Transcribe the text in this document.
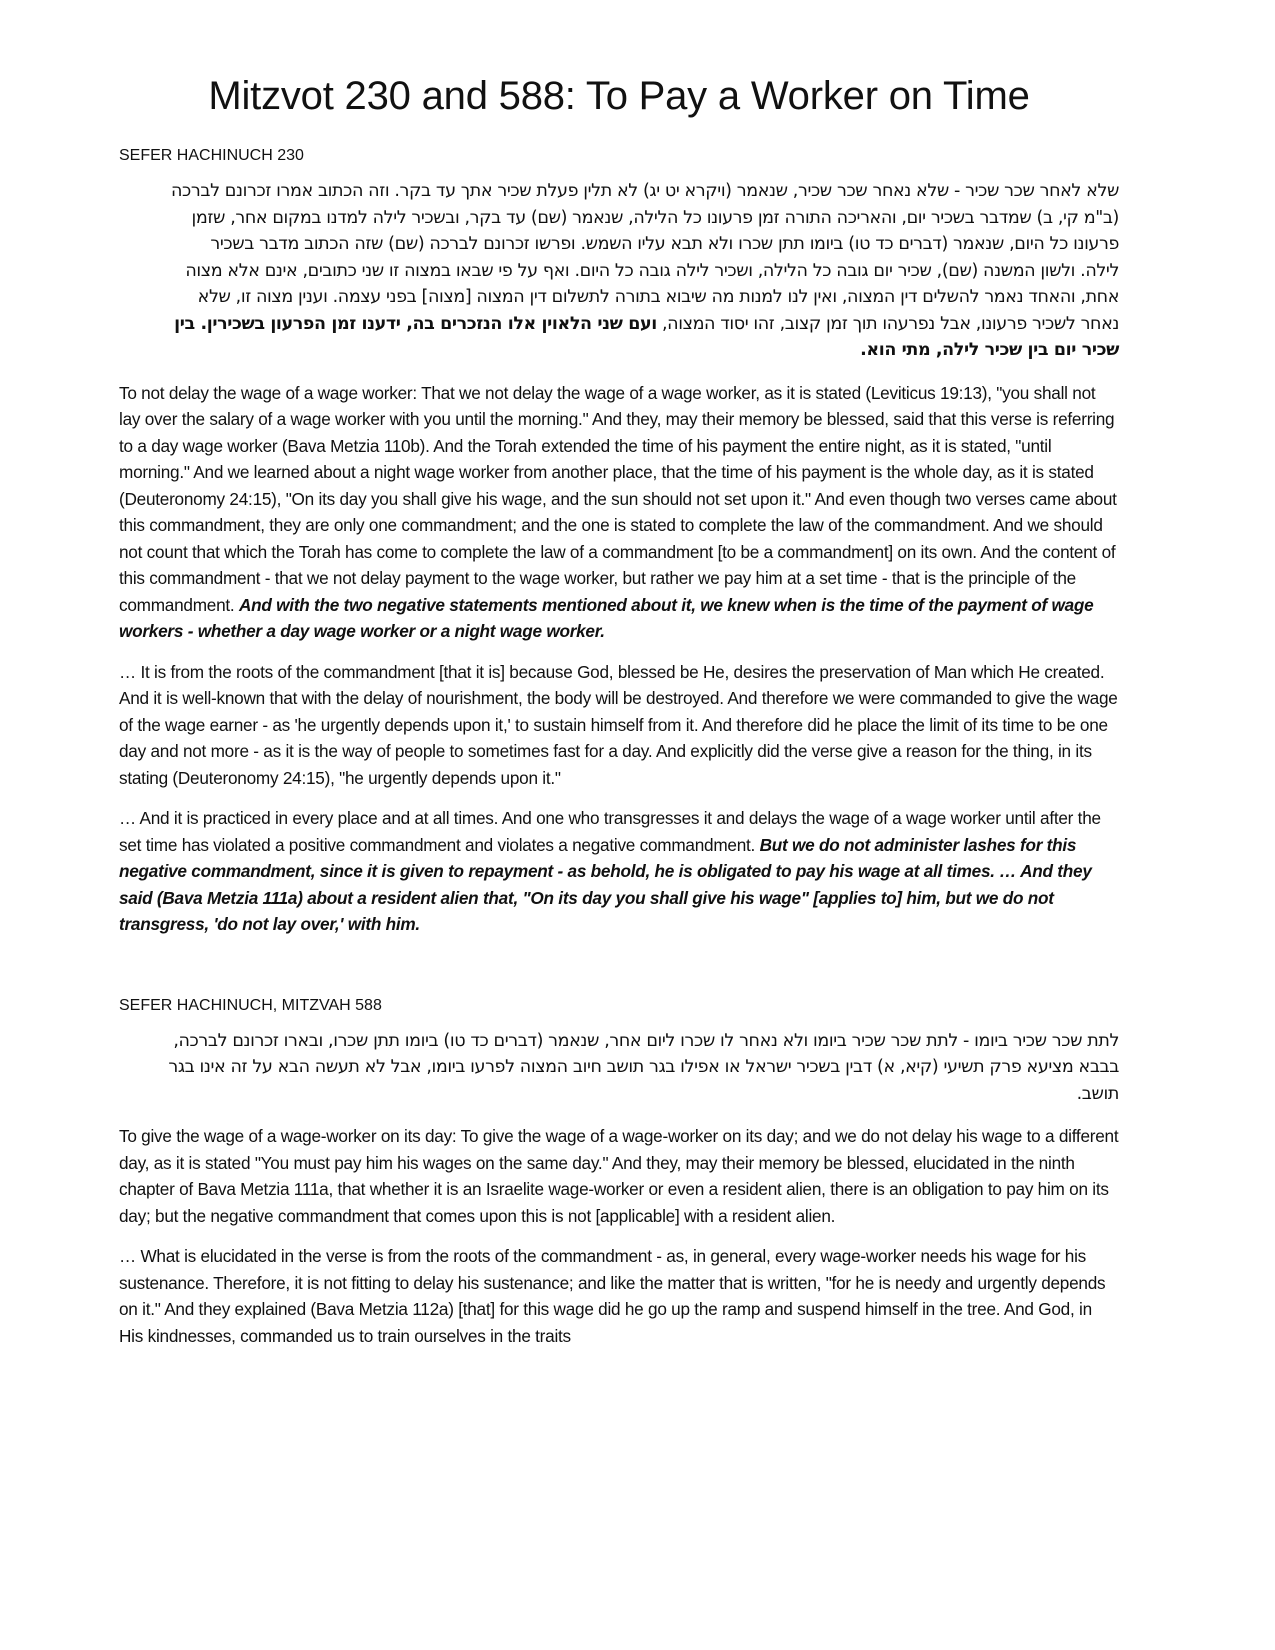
Mitzvot 230 and 588: To Pay a Worker on Time
SEFER HACHINUCH 230

שלא לאחר שכר שכיר - שלא נאחר שכר שכיר, שנאמר (ויקרא יט יג) לא תלין פעלת שכיר אתך עד בקר. וזה הכתוב אמרו זכרונם לברכה (ב"מ קי, ב) שמדבר בשכיר יום, והאריכה התורה זמן פרעונו כל הלילה, שנאמר (שם) עד בקר, ובשכיר לילה למדנו במקום אחר, שזמן פרעונו כל היום, שנאמר (דברים כד טו) ביומו תתן שכרו ולא תבא עליו השמש. ופרשו זכרונם לברכה (שם) שזה הכתוב מדבר בשכיר לילה. ולשון המשנה (שם), שכיר יום גובה כל הלילה, ושכיר לילה גובה כל היום. ואף על פי שבאו במצוה זו שני כתובים, אינם אלא מצוה אחת, והאחד נאמר להשלים דין המצוה, ואין לנו למנות מה שיבוא בתורה לתשלום דין המצוה [מצוה] בפני עצמה. וענין מצוה זו, שלא נאחר לשכיר פרעונו, אבל נפרעהו תוך זמן קצוב, זהו יסוד המצוה, ועם שני הלאוין אלו הנזכרים בה, ידענו זמן הפרעון בשכירין. בין שכיר יום בין שכיר לילה, מתי הוא.

To not delay the wage of a wage worker: That we not delay the wage of a wage worker, as it is stated (Leviticus 19:13), "you shall not lay over the salary of a wage worker with you until the morning." And they, may their memory be blessed, said that this verse is referring to a day wage worker (Bava Metzia 110b). And the Torah extended the time of his payment the entire night, as it is stated, "until morning." And we learned about a night wage worker from another place, that the time of his payment is the whole day, as it is stated (Deuteronomy 24:15), "On its day you shall give his wage, and the sun should not set upon it." And even though two verses came about this commandment, they are only one commandment; and the one is stated to complete the law of the commandment. And we should not count that which the Torah has come to complete the law of a commandment [to be a commandment] on its own. And the content of this commandment - that we not delay payment to the wage worker, but rather we pay him at a set time - that is the principle of the commandment. And with the two negative statements mentioned about it, we knew when is the time of the payment of wage workers - whether a day wage worker or a night wage worker.

… It is from the roots of the commandment [that it is] because God, blessed be He, desires the preservation of Man which He created. And it is well-known that with the delay of nourishment, the body will be destroyed. And therefore we were commanded to give the wage of the wage earner - as 'he urgently depends upon it,' to sustain himself from it. And therefore did he place the limit of its time to be one day and not more - as it is the way of people to sometimes fast for a day. And explicitly did the verse give a reason for the thing, in its stating (Deuteronomy 24:15), "he urgently depends upon it."

… And it is practiced in every place and at all times. And one who transgresses it and delays the wage of a wage worker until after the set time has violated a positive commandment and violates a negative commandment. But we do not administer lashes for this negative commandment, since it is given to repayment - as behold, he is obligated to pay his wage at all times. … And they said (Bava Metzia 111a) about a resident alien that, "On its day you shall give his wage" [applies to] him, but we do not transgress, 'do not lay over,' with him.

SEFER HACHINUCH, MITZVAH 588

לתת שכר שכיר ביומו - לתת שכר שכיר ביומו ולא נאחר לו שכרו ליום אחר, שנאמר (דברים כד טו) ביומו תתן שכרו, ובארו זכרונם לברכה, בבבא מציעא פרק תשיעי (קיא, א) דבין בשכיר ישראל או אפילו בגר תושב חיוב המצוה לפרעו ביומו, אבל לא תעשה הבא על זה אינו בגר תושב.

To give the wage of a wage-worker on its day: To give the wage of a wage-worker on its day; and we do not delay his wage to a different day, as it is stated "You must pay him his wages on the same day." And they, may their memory be blessed, elucidated in the ninth chapter of Bava Metzia 111a, that whether it is an Israelite wage-worker or even a resident alien, there is an obligation to pay him on its day; but the negative commandment that comes upon this is not [applicable] with a resident alien.

… What is elucidated in the verse is from the roots of the commandment - as, in general, every wage-worker needs his wage for his sustenance. Therefore, it is not fitting to delay his sustenance; and like the matter that is written, "for he is needy and urgently depends on it." And they explained (Bava Metzia 112a) [that] for this wage did he go up the ramp and suspend himself in the tree. And God, in His kindnesses, commanded us to train ourselves in the traits
